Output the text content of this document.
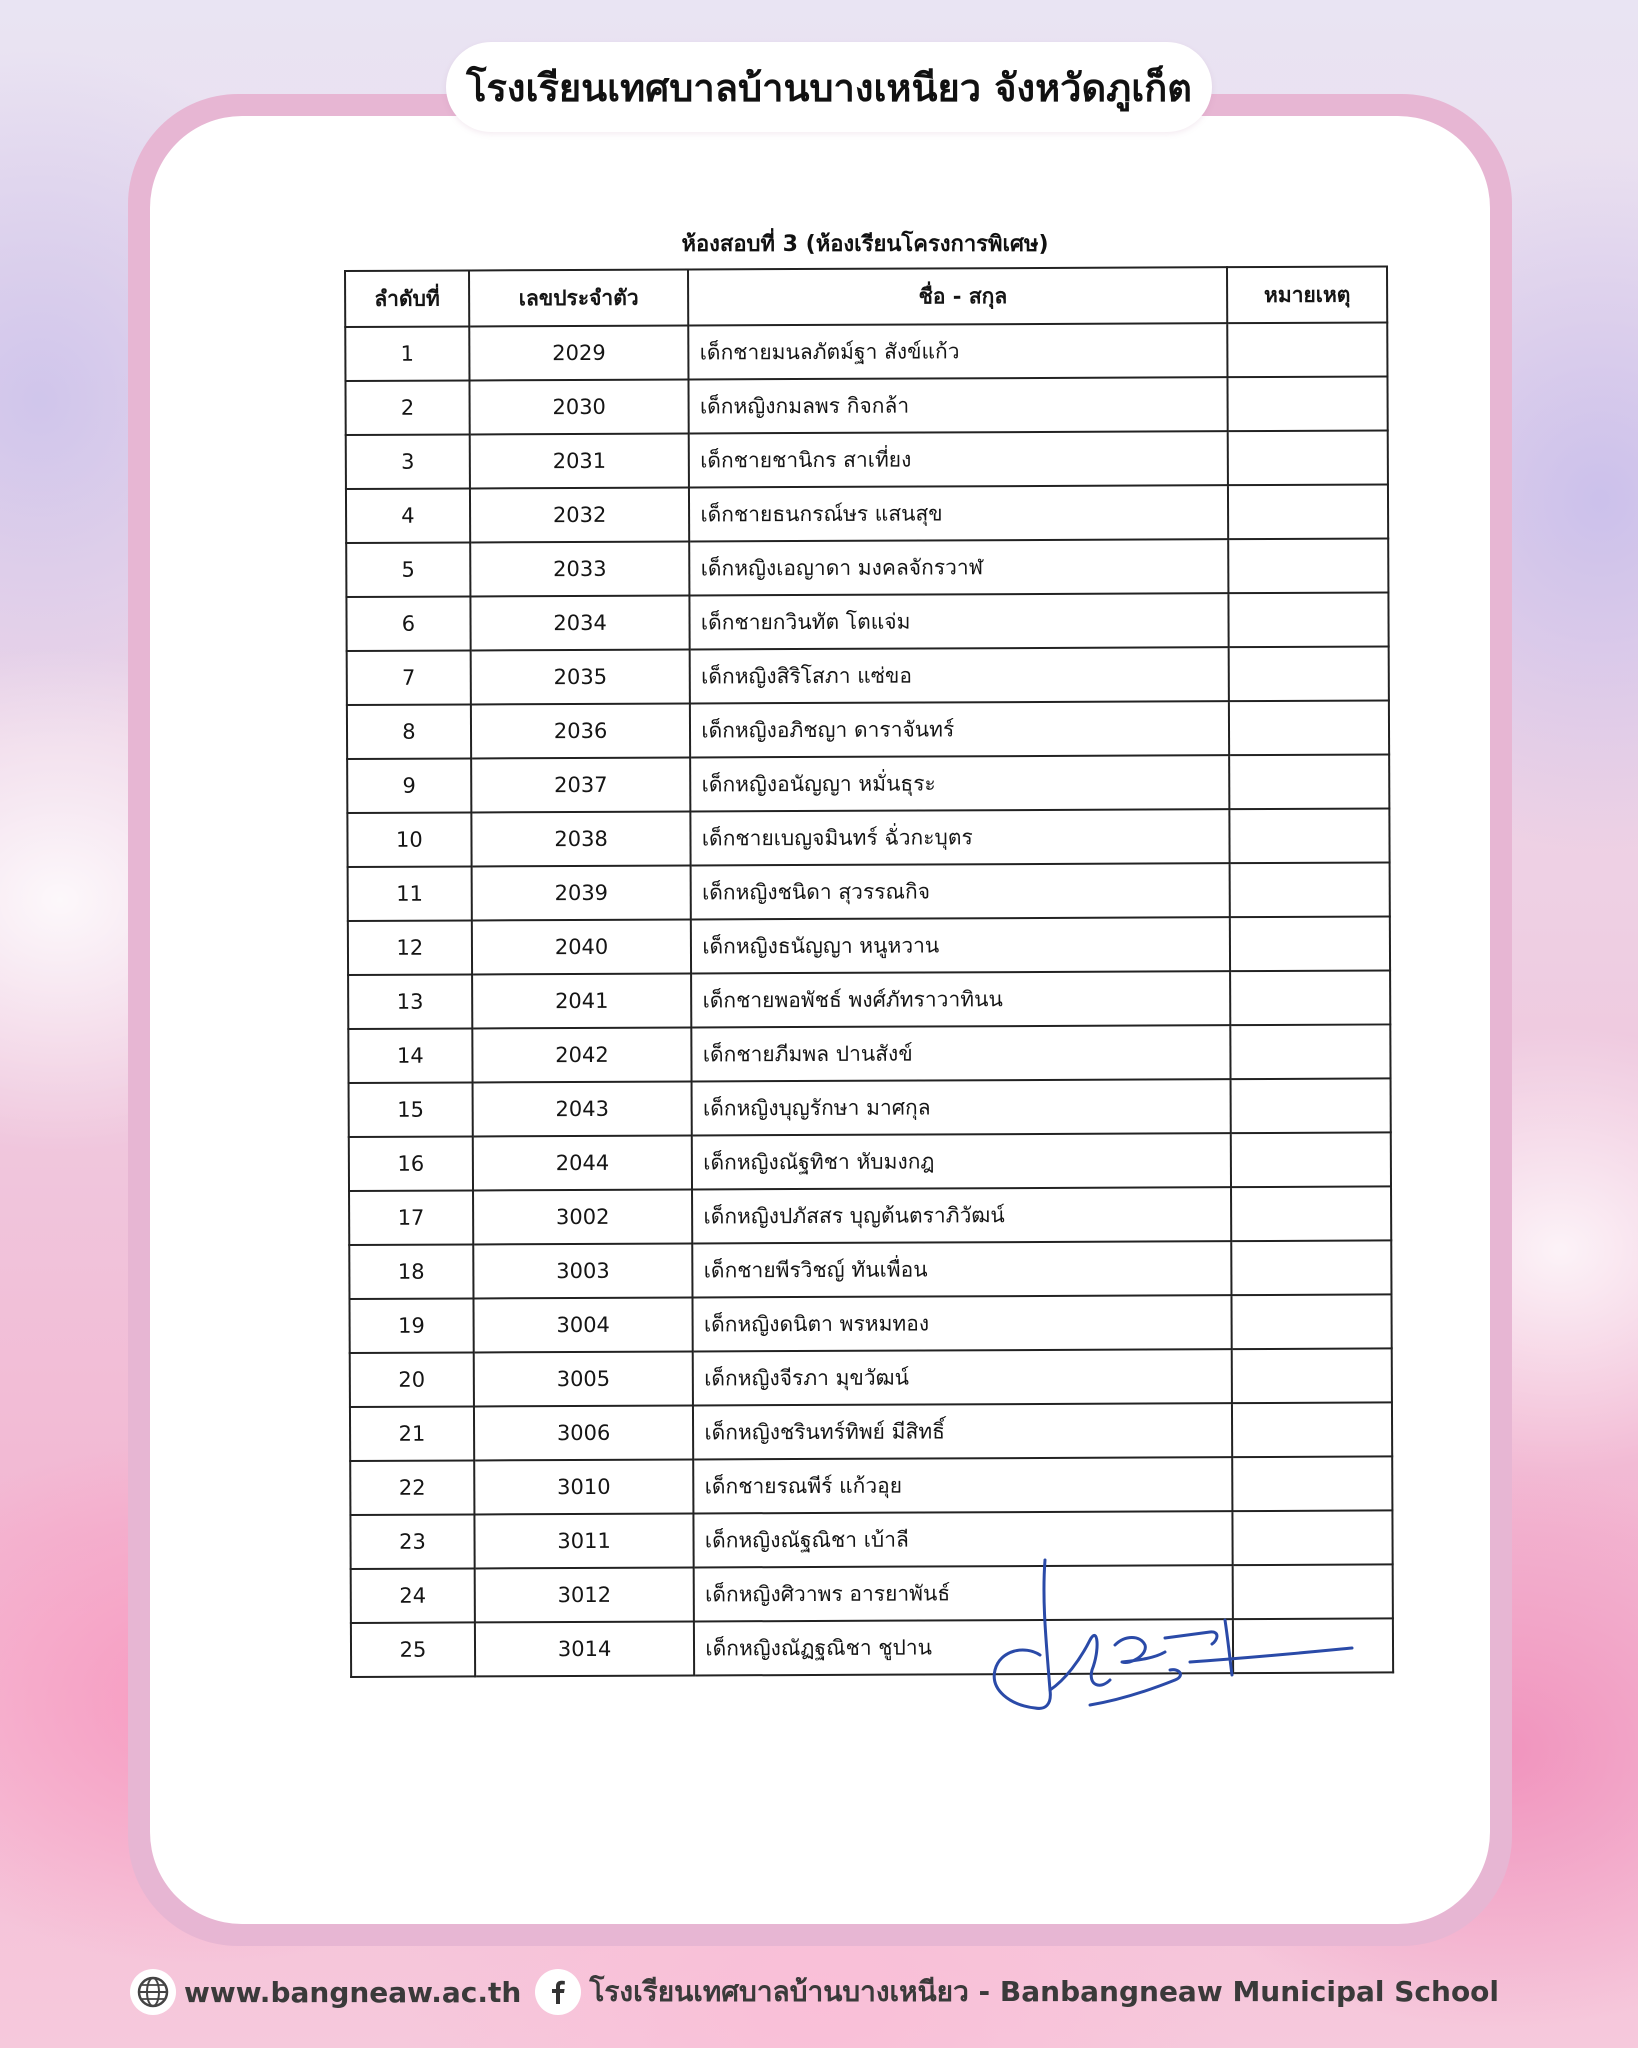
โรงเรียนเทศบาลบ้านบางเหนียว จังหวัดภูเก็ต
ห้องสอบที่ 3 (ห้องเรียนโครงการพิเศษ)
ลำดับที่	เลขประจำตัว	ชื่อ - สกุล	หมายเหตุ
1	2029	เด็กชายมนลภัตม์ฐา สังข์แก้ว	
2	2030	เด็กหญิงกมลพร กิจกล้า	
3	2031	เด็กชายชานิกร สาเที่ยง	
4	2032	เด็กชายธนกรณ์ษร แสนสุข	
5	2033	เด็กหญิงเอญาดา มงคลจักรวาฬ	
6	2034	เด็กชายกวินทัต โตแจ่ม	
7	2035	เด็กหญิงสิริโสภา แซ่ขอ	
8	2036	เด็กหญิงอภิชญา ดาราจันทร์	
9	2037	เด็กหญิงอนัญญา หมั่นธุระ	
10	2038	เด็กชายเบญจมินทร์ ฉั่วกะบุตร	
11	2039	เด็กหญิงชนิดา สุวรรณกิจ	
12	2040	เด็กหญิงธนัญญา หนูหวาน	
13	2041	เด็กชายพอพัชธ์ พงศ์ภัทราวาทินน	
14	2042	เด็กชายภีมพล ปานสังข์	
15	2043	เด็กหญิงบุญรักษา มาศกุล	
16	2044	เด็กหญิงณัฐทิชา หับมงกฎ	
17	3002	เด็กหญิงปภัสสร บุญต้นตราภิวัฒน์	
18	3003	เด็กชายพีรวิชญ์ ทันเพื่อน	
19	3004	เด็กหญิงดนิตา พรหมทอง	
20	3005	เด็กหญิงจีรภา มุขวัฒน์	
21	3006	เด็กหญิงชรินทร์ทิพย์ มีสิทธิ์	
22	3010	เด็กชายรณพีร์ แก้วอุย	
23	3011	เด็กหญิงณัฐณิชา เบ้าลี	
24	3012	เด็กหญิงศิวาพร อารยาพันธ์	
25	3014	เด็กหญิงณัฏฐณิชา ชูปาน	
www.bangneaw.ac.th โรงเรียนเทศบาลบ้านบางเหนียว - Banbangneaw Municipal School
